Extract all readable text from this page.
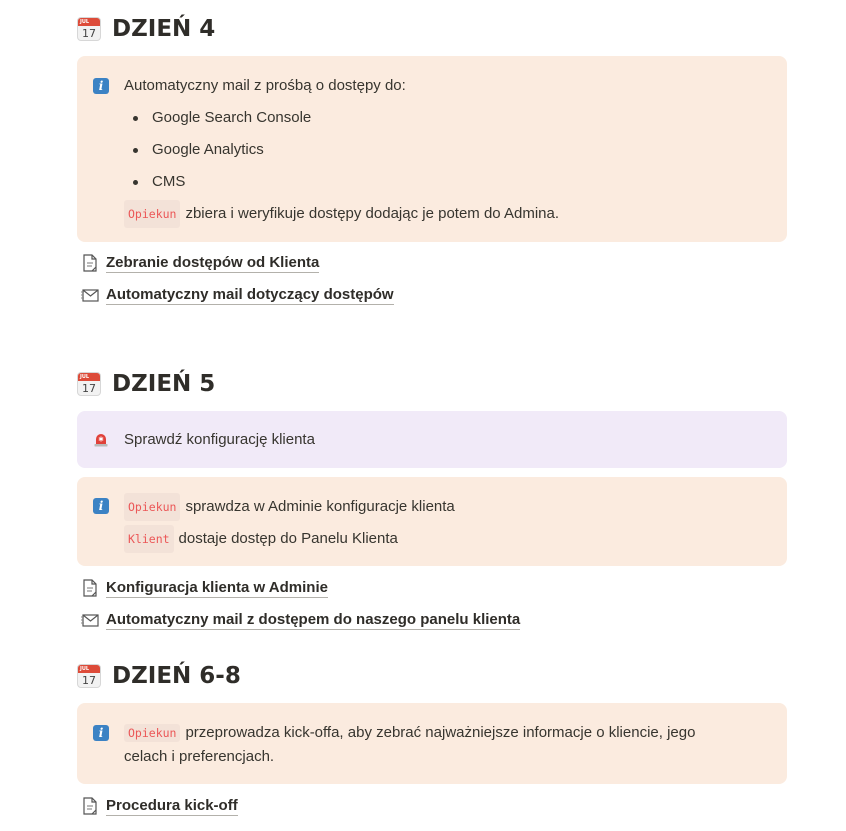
JUL
17 DZIEŃ 4
i	Automatyczny mail z prośbą o dostępy do:
Google Search Console
Google Analytics
CMS
Opiekun zbiera i weryfikuje dostępy dodając je potem do Admina.
Zebranie dostępów od Klienta
Automatyczny mail dotyczący dostępów
JUL
17 DZIEŃ 5
Sprawdź konfigurację klienta
i	Opiekun sprawdza w Adminie konfiguracje klienta
Klient dostaje dostęp do Panelu Klienta
Konfiguracja klienta w Adminie
Automatyczny mail z dostępem do naszego panelu klienta
JUL
17 DZIEŃ 6-8
i	Opiekun przeprowadza kick-offa, aby zebrać najważniejsze informacje o kliencie, jego
celach i preferencjach.
Procedura kick-off
